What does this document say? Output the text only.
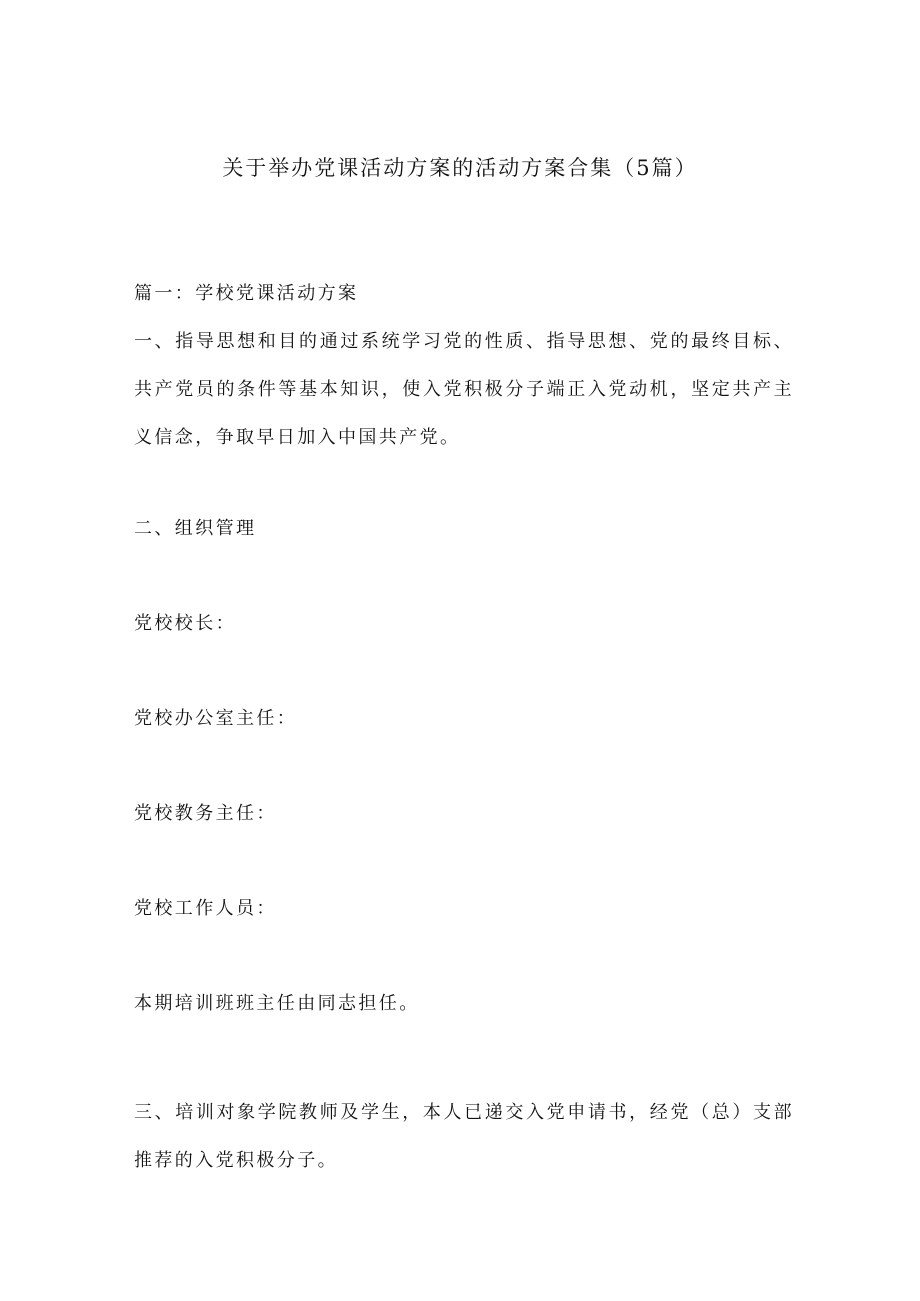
关于举办党课活动方案的活动方案合集（5篇）
篇一：学校党课活动方案
一、指导思想和目的通过系统学习党的性质、指导思想、党的最终目标、共产党员的条件等基本知识，使入党积极分子端正入党动机，坚定共产主义信念，争取早日加入中国共产党。
二、组织管理
党校校长：
党校办公室主任：
党校教务主任：
党校工作人员：
本期培训班班主任由同志担任。
三、培训对象学院教师及学生，本人已递交入党申请书，经党（总）支部推荐的入党积极分子。
